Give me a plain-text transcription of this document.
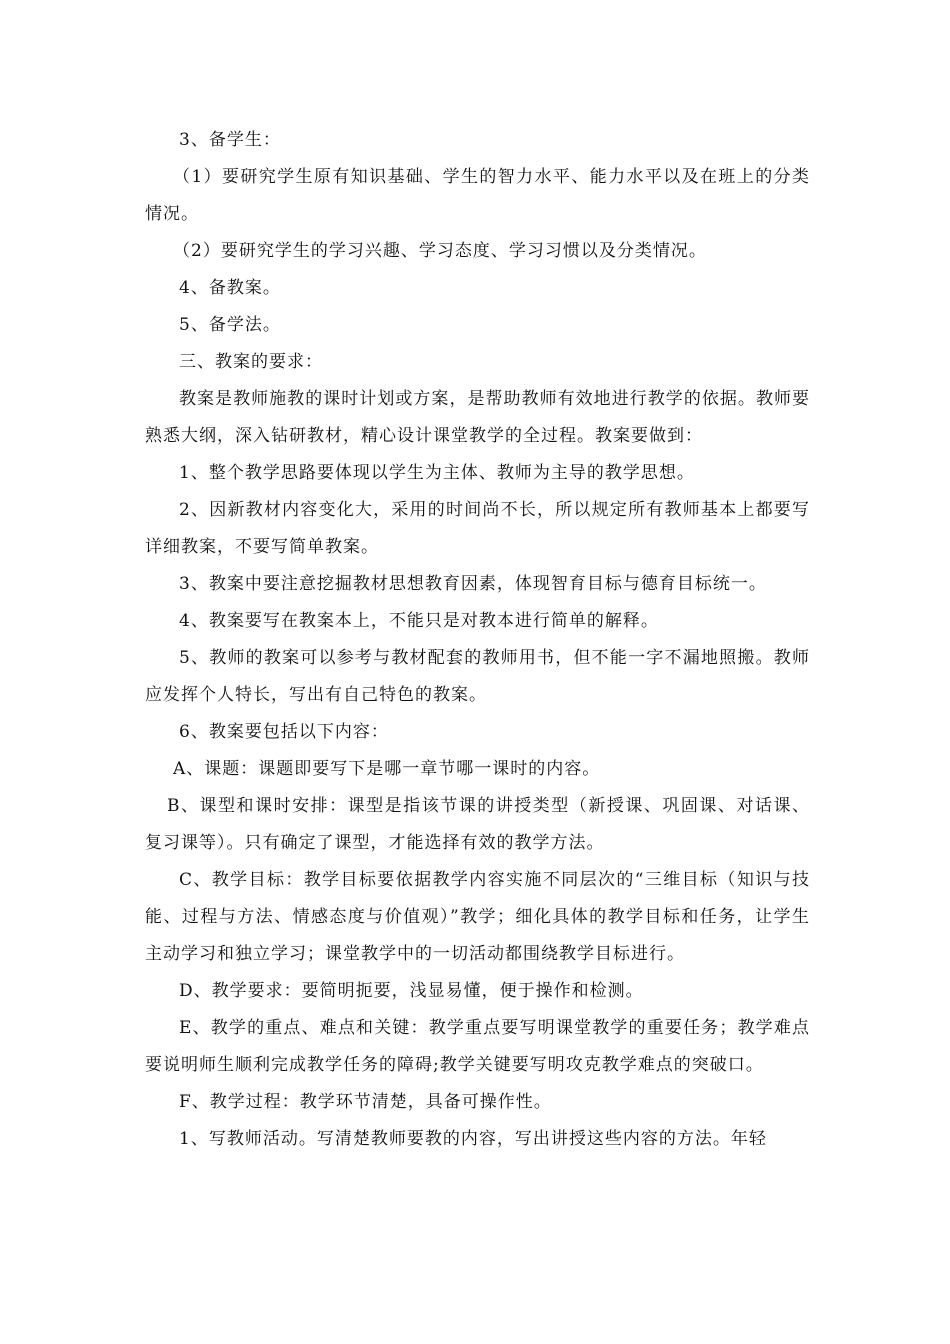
3、备学生：

（1）要研究学生原有知识基础、学生的智力水平、能力水平以及在班上的分类情况。

（2）要研究学生的学习兴趣、学习态度、学习习惯以及分类情况。

4、备教案。

5、备学法。

三、教案的要求：

教案是教师施教的课时计划或方案，是帮助教师有效地进行教学的依据。教师要熟悉大纲，深入钻研教材，精心设计课堂教学的全过程。教案要做到：

1、整个教学思路要体现以学生为主体、教师为主导的教学思想。

2、因新教材内容变化大，采用的时间尚不长，所以规定所有教师基本上都要写详细教案，不要写简单教案。

3、教案中要注意挖掘教材思想教育因素，体现智育目标与德育目标统一。

4、教案要写在教案本上，不能只是对教本进行简单的解释。

5、教师的教案可以参考与教材配套的教师用书，但不能一字不漏地照搬。教师应发挥个人特长，写出有自己特色的教案。

6、教案要包括以下内容：

A、课题：课题即要写下是哪一章节哪一课时的内容。

B、课型和课时安排：课型是指该节课的讲授类型（新授课、巩固课、对话课、复习课等）。只有确定了课型，才能选择有效的教学方法。

C、教学目标：教学目标要依据教学内容实施不同层次的“三维目标（知识与技能、过程与方法、情感态度与价值观）”教学；细化具体的教学目标和任务，让学生主动学习和独立学习；课堂教学中的一切活动都围绕教学目标进行。

D、教学要求：要简明扼要，浅显易懂，便于操作和检测。

E、教学的重点、难点和关键：教学重点要写明课堂教学的重要任务；教学难点要说明师生顺利完成教学任务的障碍;教学关键要写明攻克教学难点的突破口。

F、教学过程：教学环节清楚，具备可操作性。

1、写教师活动。写清楚教师要教的内容，写出讲授这些内容的方法。年轻
